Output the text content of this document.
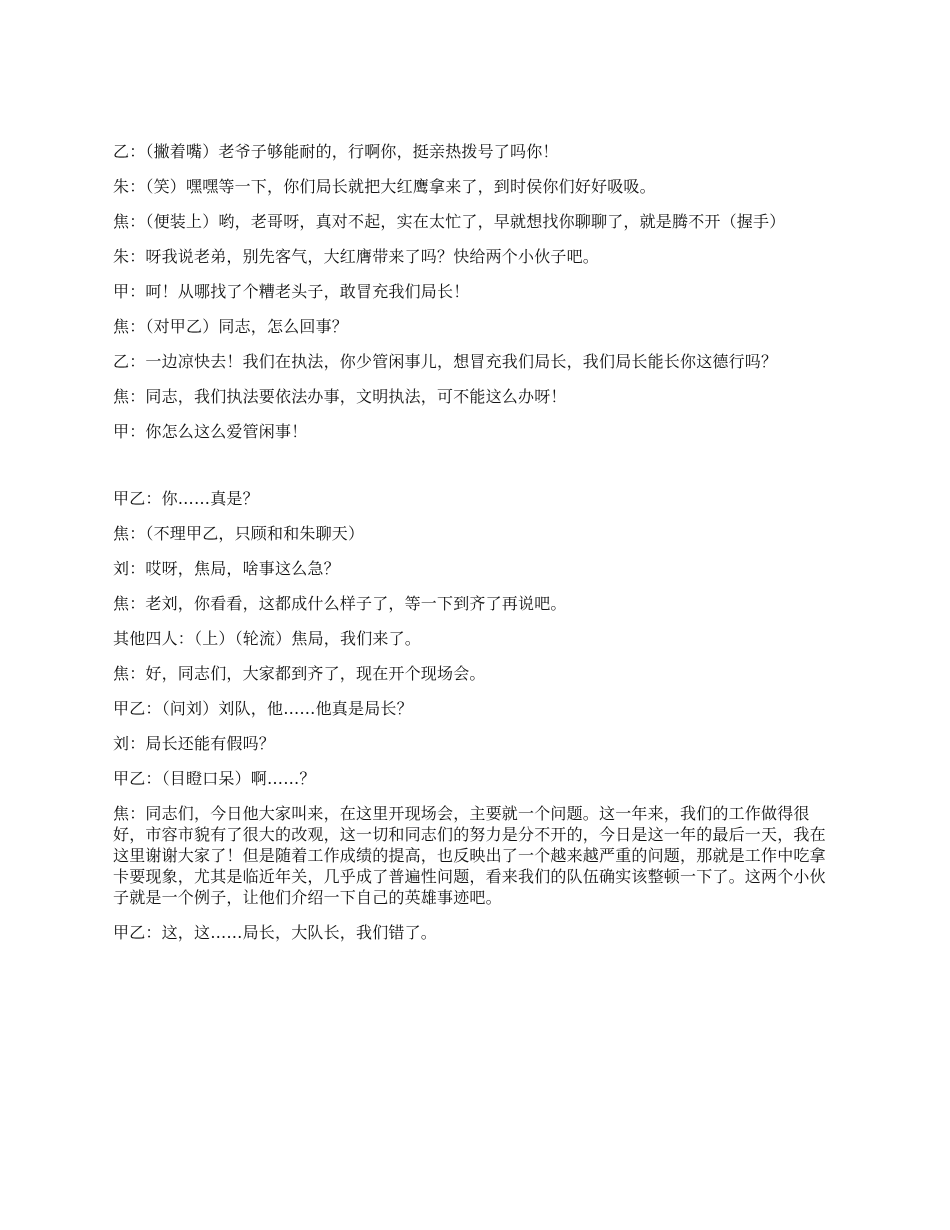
乙：（撇着嘴）老爷子够能耐的，行啊你，挺亲热拨号了吗你！

朱：（笑）嘿嘿等一下，你们局长就把大红鹰拿来了，到时侯你们好好吸吸。

焦：（便装上）哟，老哥呀，真对不起，实在太忙了，早就想找你聊聊了，就是腾不开（握手）

朱：呀我说老弟，别先客气，大红膺带来了吗？快给两个小伙子吧。

甲：呵！从哪找了个糟老头子，敢冒充我们局长！

焦：（对甲乙）同志，怎么回事？

乙：一边凉快去！我们在执法，你少管闲事儿，想冒充我们局长，我们局长能长你这德行吗？

焦：同志，我们执法要依法办事，文明执法，可不能这么办呀！

甲：你怎么这么爱管闲事！

甲乙：你……真是？

焦：（不理甲乙，只顾和和朱聊天）

刘：哎呀，焦局，啥事这么急？

焦：老刘，你看看，这都成什么样子了，等一下到齐了再说吧。

其他四人：（上）（轮流）焦局，我们来了。

焦：好，同志们，大家都到齐了，现在开个现场会。

甲乙：（问刘）刘队，他……他真是局长？

刘：局长还能有假吗？

甲乙：（目瞪口呆）啊……？

焦：同志们，今日他大家叫来，在这里开现场会，主要就一个问题。这一年来，我们的工作做得很好，市容市貌有了很大的改观，这一切和同志们的努力是分不开的，今日是这一年的最后一天，我在这里谢谢大家了！但是随着工作成绩的提高，也反映出了一个越来越严重的问题，那就是工作中吃拿卡要现象，尤其是临近年关，几乎成了普遍性问题，看来我们的队伍确实该整顿一下了。这两个小伙子就是一个例子，让他们介绍一下自己的英雄事迹吧。

甲乙：这，这……局长，大队长，我们错了。
